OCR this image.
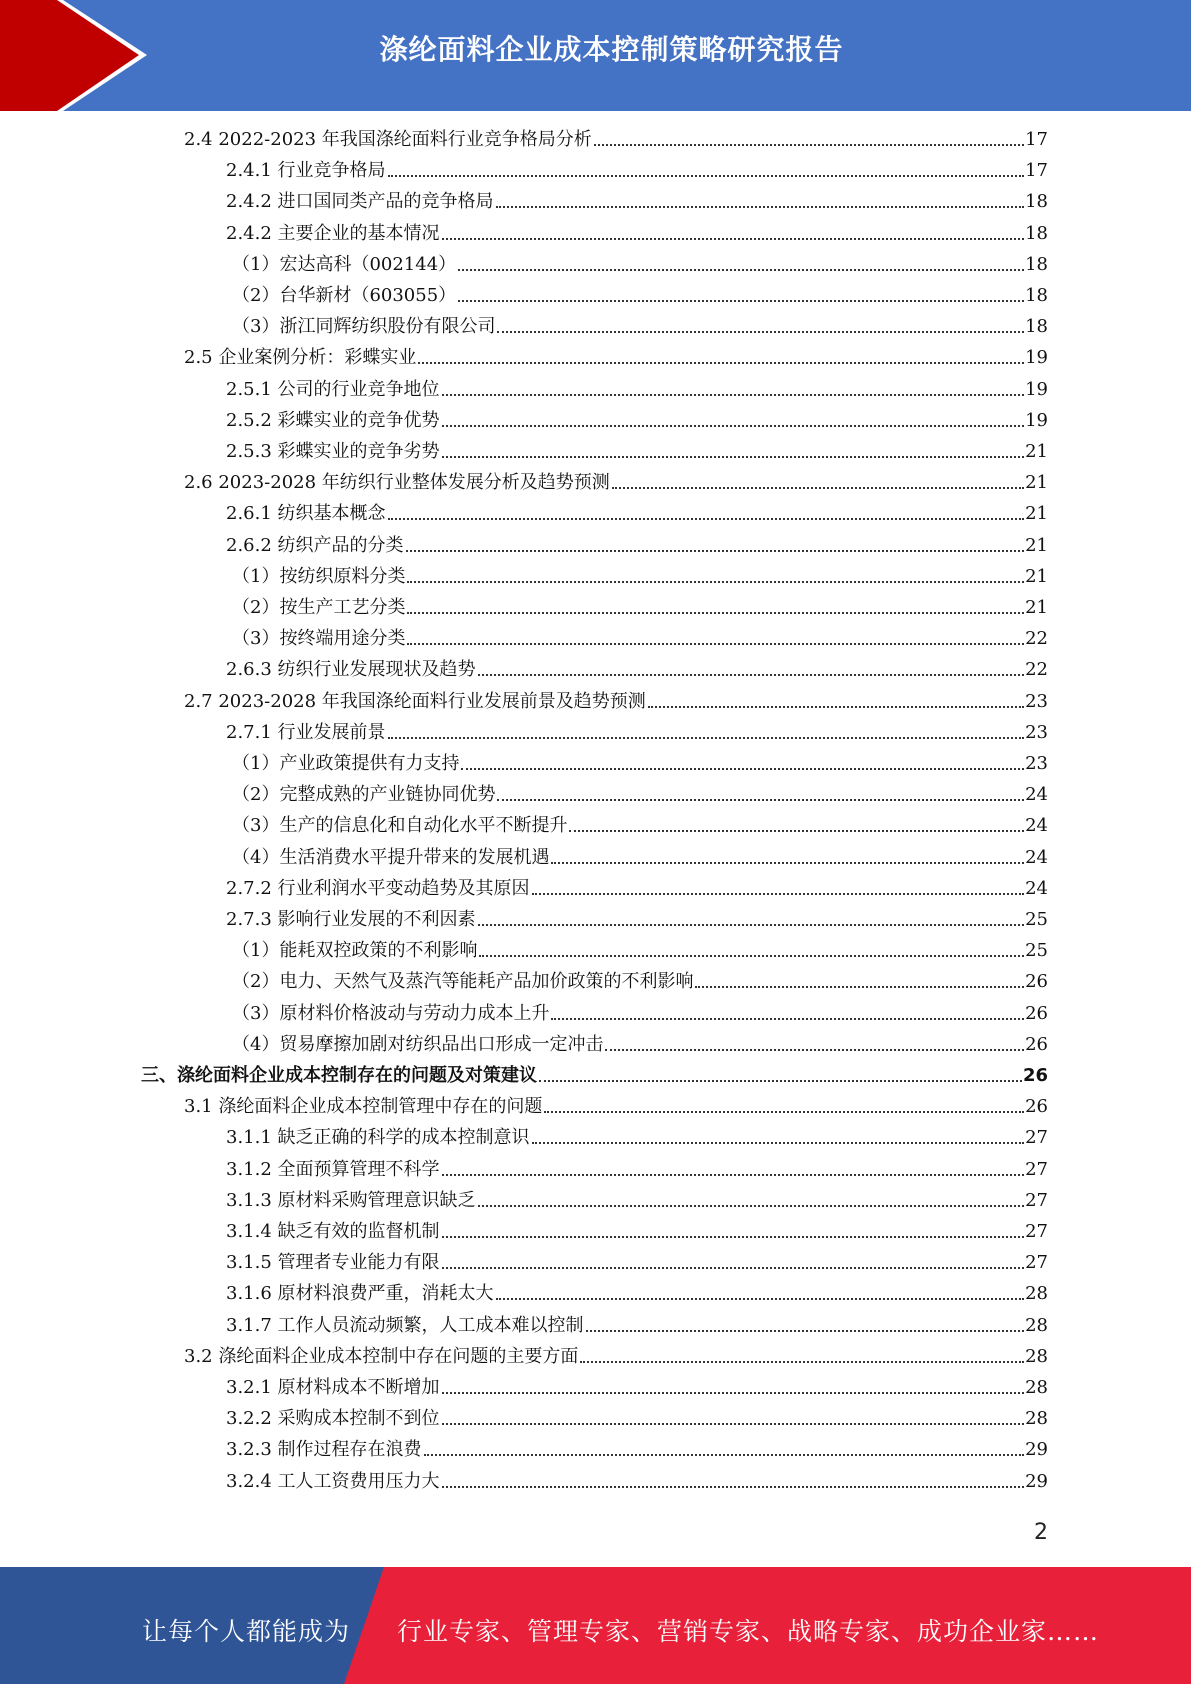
涤纶面料企业成本控制策略研究报告
2.4 2022-2023 年我国涤纶面料行业竞争格局分析	17
2.4.1 行业竞争格局	17
2.4.2 进口国同类产品的竞争格局	18
2.4.2 主要企业的基本情况	18
（1）宏达高科（002144）	18
（2）台华新材（603055）	18
（3）浙江同辉纺织股份有限公司	18
2.5 企业案例分析：彩蝶实业	19
2.5.1 公司的行业竞争地位	19
2.5.2 彩蝶实业的竞争优势	19
2.5.3 彩蝶实业的竞争劣势	21
2.6 2023-2028 年纺织行业整体发展分析及趋势预测	21
2.6.1 纺织基本概念	21
2.6.2 纺织产品的分类	21
（1）按纺织原料分类	21
（2）按生产工艺分类	21
（3）按终端用途分类	22
2.6.3 纺织行业发展现状及趋势	22
2.7 2023-2028 年我国涤纶面料行业发展前景及趋势预测	23
2.7.1 行业发展前景	23
（1）产业政策提供有力支持	23
（2）完整成熟的产业链协同优势	24
（3）生产的信息化和自动化水平不断提升	24
（4）生活消费水平提升带来的发展机遇	24
2.7.2 行业利润水平变动趋势及其原因	24
2.7.3 影响行业发展的不利因素	25
（1）能耗双控政策的不利影响	25
（2）电力、天然气及蒸汽等能耗产品加价政策的不利影响	26
（3）原材料价格波动与劳动力成本上升	26
（4）贸易摩擦加剧对纺织品出口形成一定冲击	26
三、涤纶面料企业成本控制存在的问题及对策建议	26
3.1 涤纶面料企业成本控制管理中存在的问题	26
3.1.1 缺乏正确的科学的成本控制意识	27
3.1.2 全面预算管理不科学	27
3.1.3 原材料采购管理意识缺乏	27
3.1.4 缺乏有效的监督机制	27
3.1.5 管理者专业能力有限	27
3.1.6 原材料浪费严重，消耗太大	28
3.1.7 工作人员流动频繁，人工成本难以控制	28
3.2 涤纶面料企业成本控制中存在问题的主要方面	28
3.2.1 原材料成本不断增加	28
3.2.2 采购成本控制不到位	28
3.2.3 制作过程存在浪费	29
3.2.4 工人工资费用压力大	29
2
让每个人都能成为 行业专家、管理专家、营销专家、战略专家、成功企业家……
